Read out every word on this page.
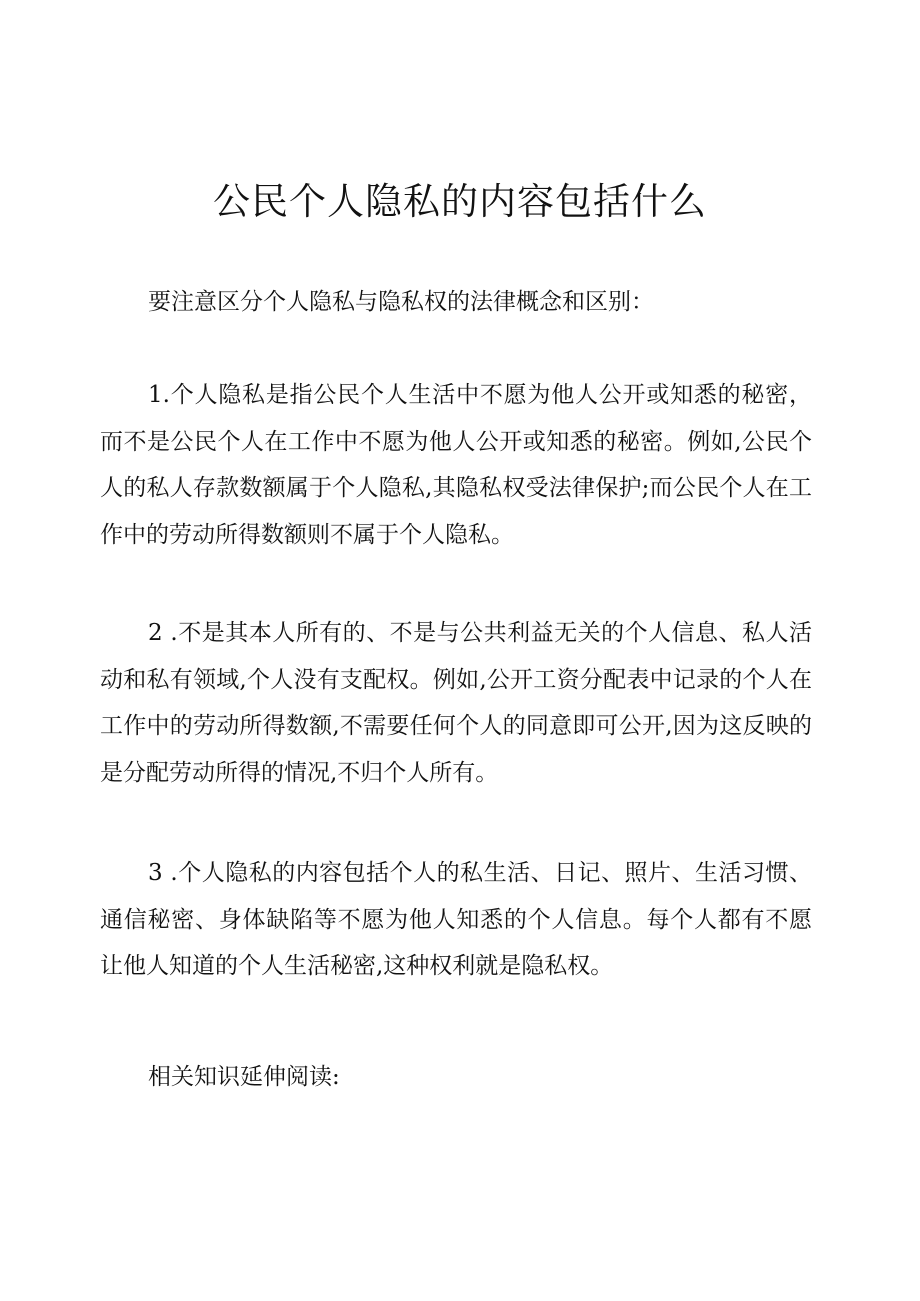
公民个人隐私的内容包括什么

要注意区分个人隐私与隐私权的法律概念和区别：

1.个人隐私是指公民个人生活中不愿为他人公开或知悉的秘密，而不是公民个人在工作中不愿为他人公开或知悉的秘密。例如,公民个人的私人存款数额属于个人隐私,其隐私权受法律保护;而公民个人在工作中的劳动所得数额则不属于个人隐私。

2 .不是其本人所有的、不是与公共利益无关的个人信息、私人活动和私有领域,个人没有支配权。例如,公开工资分配表中记录的个人在工作中的劳动所得数额,不需要任何个人的同意即可公开,因为这反映的是分配劳动所得的情况,不归个人所有。

3 .个人隐私的内容包括个人的私生活、日记、照片、生活习惯、通信秘密、身体缺陷等不愿为他人知悉的个人信息。每个人都有不愿让他人知道的个人生活秘密,这种权利就是隐私权。

相关知识延伸阅读:
